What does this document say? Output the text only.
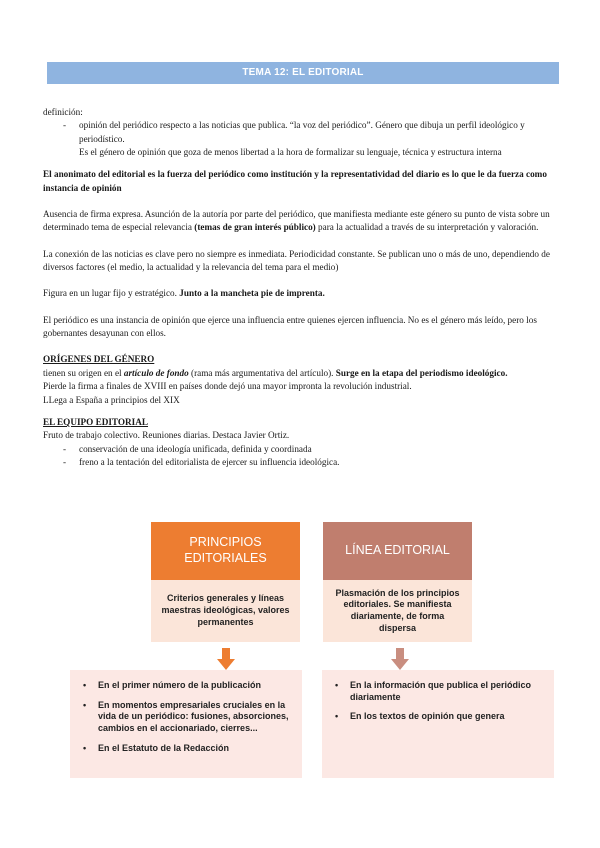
TEMA 12: EL EDITORIAL

definición:

- opinión del periódico respecto a las noticias que publica. “la voz del periódico”. Género que dibuja un perfil ideológico y periodístico.

Es el género de opinión que goza de menos libertad a la hora de formalizar su lenguaje, técnica y estructura interna

El anonimato del editorial es la fuerza del periódico como institución y la representatividad del diario es lo que le da fuerza como instancia de opinión

Ausencia de firma expresa. Asunción de la autoría por parte del periódico, que manifiesta mediante este género su punto de vista sobre un determinado tema de especial relevancia (temas de gran interés público) para la actualidad a través de su interpretación y valoración.

La conexión de las noticias es clave pero no siempre es inmediata. Periodicidad constante. Se publican uno o más de uno, dependiendo de diversos factores (el medio, la actualidad y la relevancia del tema para el medio)

Figura en un lugar fijo y estratégico. Junto a la mancheta pie de imprenta.

El periódico es una instancia de opinión que ejerce una influencia entre quienes ejercen influencia. No es el género más leído, pero los gobernantes desayunan con ellos.

ORÍGENES DEL GÉNERO

tienen su origen en el artículo de fondo (rama más argumentativa del artículo). Surge en la etapa del periodismo ideológico.

Pierde la firma a finales de XVIII en países donde dejó una mayor impronta la revolución industrial.

LLega a España a principios del XIX

EL EQUIPO EDITORIAL

Fruto de trabajo colectivo. Reuniones diarias. Destaca Javier Ortiz.

- conservación de una ideología unificada, definida y coordinada
- freno a la tentación del editorialista de ejercer su influencia ideológica.
PRINCIPIOS
EDITORIALES
LÍNEA EDITORIAL
Criterios generales y líneas maestras ideológicas, valores permanentes
Plasmación de los principios editoriales. Se manifiesta diariamente, de forma dispersa
• En el primer número de la publicación
• En momentos empresariales cruciales en la vida de un periódico: fusiones, absorciones, cambios en el accionariado, cierres...
• En el Estatuto de la Redacción
• En la información que publica el periódico diariamente
• En los textos de opinión que genera
